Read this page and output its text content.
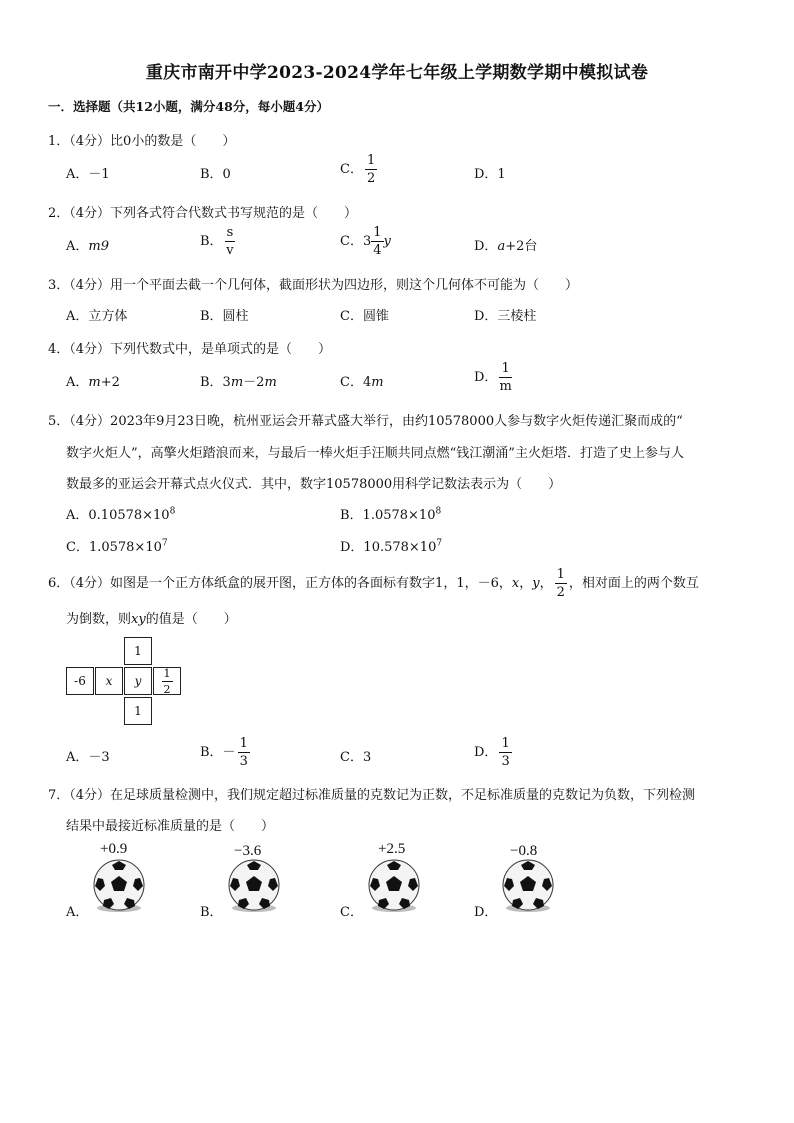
重庆市南开中学2023-2024学年七年级上学期数学期中模拟试卷
一．选择题（共12小题，满分48分，每小题4分）
1．（4分）比0小的数是（　　）
A．－1	B．0	C． $\frac{1}{2}$	D．1
2．（4分）下列各式符合代数式书写规范的是（　　）
A．m9	B． $\frac{s}{v}$	C．$3 \frac{1}{4}$ y	D．a+2台
3．（4分）用一个平面去截一个几何体，截面形状为四边形，则这个几何体不可能为（　　）
A．立方体	B．圆柱	C．圆锥	D．三棱柱
4．（4分）下列代数式中，是单项式的是（　　）
A．m+2	B．3m－2m	C．4m	D． $\frac{1}{m}$
5．（4分）2023年9月23日晚，杭州亚运会开幕式盛大举行，由约10578000人参与数字火炬传递汇聚而成的“
数字火炬人”，高擎火炬踏浪而来，与最后一棒火炬手汪顺共同点燃“钱江潮涌”主火炬塔．打造了史上参与人
数最多的亚运会开幕式点火仪式．其中，数字10578000用科学记数法表示为（　　）
A．$0.10578\times 10^8$	B．$1.0578\times 10^8$
C．$1.0578\times 10^7$	D．$10.578\times 10^7$
6．（4分）如图是一个正方体纸盒的展开图，正方体的各面标有数字1，1，－6，x，y， $\frac{1}{2}$ ，相对面上的两个数互
为倒数，则xy的值是（　　）
1
-6	x	y	$\frac{1}{2}$
1
A．－3	B．－ $\frac{1}{3}$	C．3	D． $\frac{1}{3}$
7．（4分）在足球质量检测中，我们规定超过标准质量的克数记为正数，不足标准质量的克数记为负数，下列检测
结果中最接近标准质量的是（　　）
A．
+0.9
B．
−3.6
C．
+2.5
D．
−0.8
